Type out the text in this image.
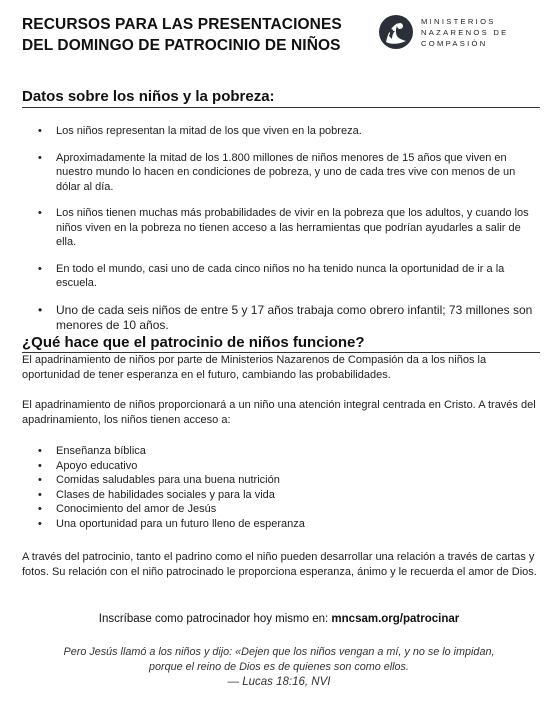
RECURSOS PARA LAS PRESENTACIONES
DEL DOMINGO DE PATROCINIO DE NIÑOS
MINISTERIOS
NAZARENOS DE
COMPASIÓN
Datos sobre los niños y la pobreza:
• Los niños representan la mitad de los que viven en la pobreza.
• Aproximadamente la mitad de los 1.800 millones de niños menores de 15 años que viven en nuestro mundo lo hacen en condiciones de pobreza, y uno de cada tres vive con menos de un dólar al día.
• Los niños tienen muchas más probabilidades de vivir en la pobreza que los adultos, y cuando los niños viven en la pobreza no tienen acceso a las herramientas que podrían ayudarles a salir de ella.
• En todo el mundo, casi uno de cada cinco niños no ha tenido nunca la oportunidad de ir a la escuela.
• Uno de cada seis niños de entre 5 y 17 años trabaja como obrero infantil; 73 millones son menores de 10 años.
¿Qué hace que el patrocinio de niños funcione?

El apadrinamiento de niños por parte de Ministerios Nazarenos de Compasión da a los niños la oportunidad de tener esperanza en el futuro, cambiando las probabilidades.

El apadrinamiento de niños proporcionará a un niño una atención integral centrada en Cristo. A través del apadrinamiento, los niños tienen acceso a:

• Enseñanza bíblica
• Apoyo educativo
• Comidas saludables para una buena nutrición
• Clases de habilidades sociales y para la vida
• Conocimiento del amor de Jesús
• Una oportunidad para un futuro lleno de esperanza

A través del patrocinio, tanto el padrino como el niño pueden desarrollar una relación a través de cartas y fotos. Su relación con el niño patrocinado le proporciona esperanza, ánimo y le recuerda el amor de Dios.

Inscríbase como patrocinador hoy mismo en: mncsam.org/patrocinar
Pero Jesús llamó a los niños y dijo: «Dejen que los niños vengan a mí, y no se lo impidan,
porque el reino de Dios es de quienes son como ellos.
— Lucas 18:16, NVI
